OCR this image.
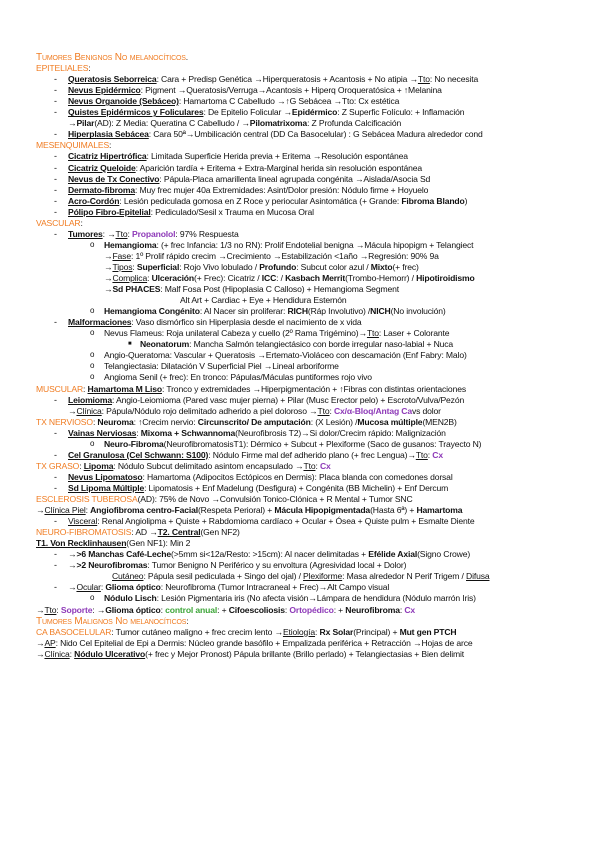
Tumores Benignos No melanocíticos.
EPITELIALES:
- Queratosis Seborreica: Cara + Predisp Genética →Hiperqueratosis + Acantosis + No atipia →Tto: No necesita
- Nevus Epidérmico: Pigment →Queratosis/Verruga→Acantosis + Hiperq Oroqueratósica + ↑Melanina
- Nevus Organoide (Sebáceo): Hamartoma C Cabelludo →↑G Sebácea →Tto: Cx estética
- Quistes Epidérmicos y Foliculares: De Epitelio Folicular →Epidérmico: Z Superfic Folículo: + Inflamación
→Pilar(AD): Z Media: Queratina C Cabelludo / →Pilomatrixoma: Z Profunda Calcificación
- Hiperplasia Sebácea: Cara 50ª→Umbilicación central (DD Ca Basocelular) : G Sebácea Madura alrededor cond
MESENQUIMALES:
- Cicatriz Hipertrófica: Limitada Superficie Herida previa + Eritema →Resolución espontánea
- Cicatriz Queloide: Aparición tardía + Eritema + Extra-Marginal herida sin resolución espontánea
- Nevus de Tx Conectivo: Pápula-Placa amarillenta lineal agrupada congénita →Aislada/Asocia Sd
- Dermato-fibroma: Muy frec mujer 40a Extremidades: Asint/Dolor presión: Nódulo firme + Hoyuelo
- Acro-Cordón: Lesión pediculada gomosa en Z Roce y periocular Asintomática (+ Grande: Fibroma Blando)
- Pólipo Fibro-Epitelial: Pediculado/Sesil x Trauma en Mucosa Oral
VASCULAR:
- Tumores: →Tto: Propanolol: 97% Respuesta
o Hemangioma: (+ frec Infancia: 1/3 no RN): Prolif Endotelial benigna →Mácula hipopigm + Telangiect
→Fase: 1º Prolif rápido crecim →Crecimiento →Estabilización <1año →Regresión: 90% 9a
→Tipos: Superficial: Rojo Vivo lobulado / Profundo: Subcut color azul / Mixto(+ frec)
→Complica: Ulceración(+ Frec): Cicatriz / ICC: / Kasbach Merrit(Trombo-Hemorr) / Hipotiroidismo
→Sd PHACES: Malf Fosa Post (Hipoplasia C Calloso) + Hemangioma Segment
Alt Art + Cardiac + Eye + Hendidura Esternón
o Hemangioma Congénito: Al Nacer sin proliferar: RICH(Ráp Involutivo) /NICH(No involución)
- Malformaciones: Vaso dismórfico sin Hiperplasia desde el nacimiento de x vida
o Nevus Flameus: Roja unilateral Cabeza y cuello (2º Rama Trigémino)→Tto: Laser + Colorante
■ Neonatorum: Mancha Salmón telangiectásico con borde irregular naso-labial + Nuca
o Angio-Queratoma: Vascular + Queratosis →Ertemato-Violáceo con descamación (Enf Fabry: Malo)
o Telangiectasia: Dilatación V Superficial Piel →Lineal arboriforme
o Angioma Senil (+ frec): En tronco: Pápulas/Máculas puntiformes rojo vivo
MUSCULAR: Hamartoma M Liso: Tronco y extremidades →Hiperpigmentación + ↑Fibras con distintas orientaciones
- Leiomioma: Angio-Leiomioma (Pared vasc mujer pierna) + Pilar (Musc Erector pelo) + Escroto/Vulva/Pezón
→Clínica: Pápula/Nódulo rojo delimitado adherido a piel doloroso →Tto: Cx/α-Bloq/Antag Cavs dolor
TX NERVIOSO: Neuroma: ↑Crecim nervio: Circunscrito/ De amputación: (X Lesión) /Mucosa múltiple(MEN2B)
- Vainas Nerviosas: Mixoma + Schwannoma(Neurofibrosis T2)→Si dolor/Crecim rápido: Malignización
o Neuro-Fibroma(NeurofibromatosisT1): Dérmico + Subcut + Plexiforme (Saco de gusanos: Trayecto N)
- Cel Granulosa (Cel Schwann: S100): Nódulo Firme mal def adherido plano (+ frec Lengua)→Tto: Cx
TX GRASO: Lipoma: Nódulo Subcut delimitado asintom encapsulado →Tto: Cx
- Nevus Lipomatoso: Hamartoma (Adipocitos Ectópicos en Dermis): Placa blanda con comedones dorsal
- Sd Lipoma Múltiple: Lipomatosis + Enf Madelung (Desfigura) + Congénita (BB Michelin) + Enf Dercum
ESCLEROSIS TUBEROSA(AD): 75% de Novo →Convulsión Tonico-Clónica + R Mental + Tumor SNC
→Clínica Piel: Angiofibroma centro-Facial(Respeta Perioral) + Mácula Hipopigmentada(Hasta 6ª) + Hamartoma
- Visceral: Renal Angiolipma + Quiste + Rabdomioma cardíaco + Ocular + Ósea + Quiste pulm + Esmalte Diente
NEURO-FIBROMATOSIS: AD →T2. Central(Gen NF2)
T1. Von Recklinhausen(Gen NF1): Min 2
- →>6 Manchas Café-Leche(>5mm si<12a/Resto: >15cm): Al nacer delimitadas + Efélide Axial(Signo Crowe)
- →>2 Neurofibromas: Tumor Benigno N Periférico y su envoltura (Agresividad local + Dolor)
Cutáneo: Pápula sesil pediculada + Singo del ojal) / Plexiforme: Masa alrededor N Perif Trigem / Difusa
- →Ocular: Glioma óptico: Neurofibroma (Tumor Intracraneal + Frec)→Alt Campo visual
o Nódulo Lisch: Lesión Pigmentaria iris (No afecta visión→Lámpara de hendidura (Nódulo marrón Iris)
→Tto: Soporte: →Glioma óptico: control anual: + Cifoescoliosis: Ortopédico: + Neurofibroma: Cx
Tumores Malignos No melanocíticos:
CA BASOCELULAR: Tumor cutáneo maligno + frec crecim lento →Etiología: Rx Solar(Principal) + Mut gen PTCH
→AP: Nido Cel Epitelial de Epi a Dermis: Núcleo grande basófilo + Empalizada periférica + Retracción →Hojas de arce
→Clínica: Nódulo Ulcerativo(+ frec y Mejor Pronost) Pápula brillante (Brillo perlado) + Telangiectasias + Bien delimit
